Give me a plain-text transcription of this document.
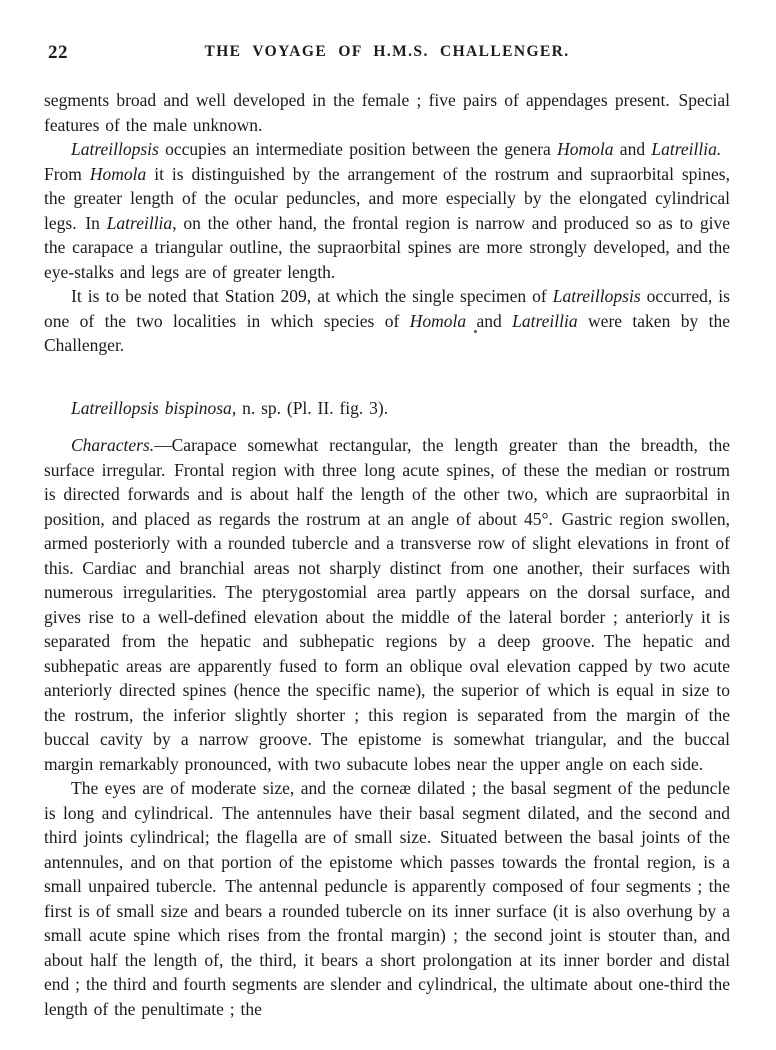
22	THE VOYAGE OF H.M.S. CHALLENGER.

segments broad and well developed in the female ; five pairs of appendages present. Special features of the male unknown.

Latreillopsis occupies an intermediate position between the genera Homola and Latreillia. From Homola it is distinguished by the arrangement of the rostrum and supraorbital spines, the greater length of the ocular peduncles, and more especially by the elongated cylindrical legs. In Latreillia, on the other hand, the frontal region is narrow and produced so as to give the carapace a triangular outline, the supraorbital spines are more strongly developed, and the eye-stalks and legs are of greater length.

It is to be noted that Station 209, at which the single specimen of Latreillopsis occurred, is one of the two localities in which species of Homola and Latreillia were taken by the Challenger.

Latreillopsis bispinosa, n. sp. (Pl. II. fig. 3).

Characters.—Carapace somewhat rectangular, the length greater than the breadth, the surface irregular. Frontal region with three long acute spines, of these the median or rostrum is directed forwards and is about half the length of the other two, which are supraorbital in position, and placed as regards the rostrum at an angle of about 45°. Gastric region swollen, armed posteriorly with a rounded tubercle and a transverse row of slight elevations in front of this. Cardiac and branchial areas not sharply distinct from one another, their surfaces with numerous irregularities. The pterygostomial area partly appears on the dorsal surface, and gives rise to a well-defined elevation about the middle of the lateral border ; anteriorly it is separated from the hepatic and subhepatic regions by a deep groove. The hepatic and subhepatic areas are apparently fused to form an oblique oval elevation capped by two acute anteriorly directed spines (hence the specific name), the superior of which is equal in size to the rostrum, the inferior slightly shorter ; this region is separated from the margin of the buccal cavity by a narrow groove. The epistome is somewhat triangular, and the buccal margin remarkably pronounced, with two subacute lobes near the upper angle on each side.

The eyes are of moderate size, and the corneæ dilated ; the basal segment of the peduncle is long and cylindrical. The antennules have their basal segment dilated, and the second and third joints cylindrical; the flagella are of small size. Situated between the basal joints of the antennules, and on that portion of the epistome which passes towards the frontal region, is a small unpaired tubercle. The antennal peduncle is apparently composed of four segments ; the first is of small size and bears a rounded tubercle on its inner surface (it is also overhung by a small acute spine which rises from the frontal margin) ; the second joint is stouter than, and about half the length of, the third, it bears a short prolongation at its inner border and distal end ; the third and fourth segments are slender and cylindrical, the ultimate about one-third the length of the penultimate ; the
